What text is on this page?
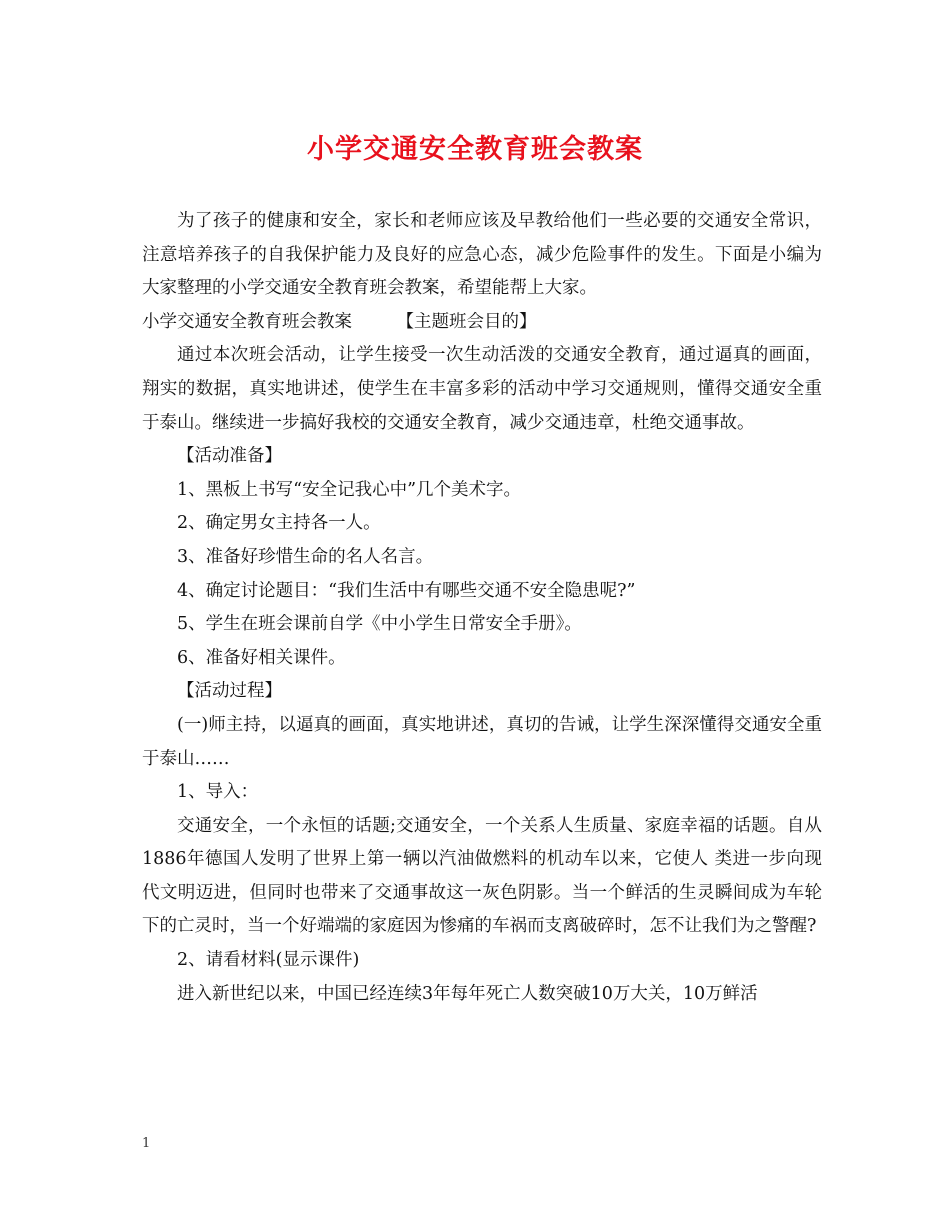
小学交通安全教育班会教案

为了孩子的健康和安全，家长和老师应该及早教给他们一些必要的交通安全常识，注意培养孩子的自我保护能力及良好的应急心态，减少危险事件的发生。下面是小编为大家整理的小学交通安全教育班会教案，希望能帮上大家。

小学交通安全教育班会教案        【主题班会目的】

通过本次班会活动，让学生接受一次生动活泼的交通安全教育，通过逼真的画面，翔实的数据，真实地讲述，使学生在丰富多彩的活动中学习交通规则，懂得交通安全重于泰山。继续进一步搞好我校的交通安全教育，减少交通违章，杜绝交通事故。

【活动准备】

1、黑板上书写“安全记我心中”几个美术字。

2、确定男女主持各一人。

3、准备好珍惜生命的名人名言。

4、确定讨论题目：“我们生活中有哪些交通不安全隐患呢?”

5、学生在班会课前自学《中小学生日常安全手册》。

6、准备好相关课件。

【活动过程】

(一)师主持，以逼真的画面，真实地讲述，真切的告诫，让学生深深懂得交通安全重于泰山……

1、导入：

交通安全，一个永恒的话题;交通安全，一个关系人生质量、家庭幸福的话题。自从1886年德国人发明了世界上第一辆以汽油做燃料的机动车以来，它使人 类进一步向现代文明迈进，但同时也带来了交通事故这一灰色阴影。当一个鲜活的生灵瞬间成为车轮下的亡灵时，当一个好端端的家庭因为惨痛的车祸而支离破碎时，怎不让我们为之警醒?

2、请看材料(显示课件)

进入新世纪以来，中国已经连续3年每年死亡人数突破10万大关，10万鲜活

1
